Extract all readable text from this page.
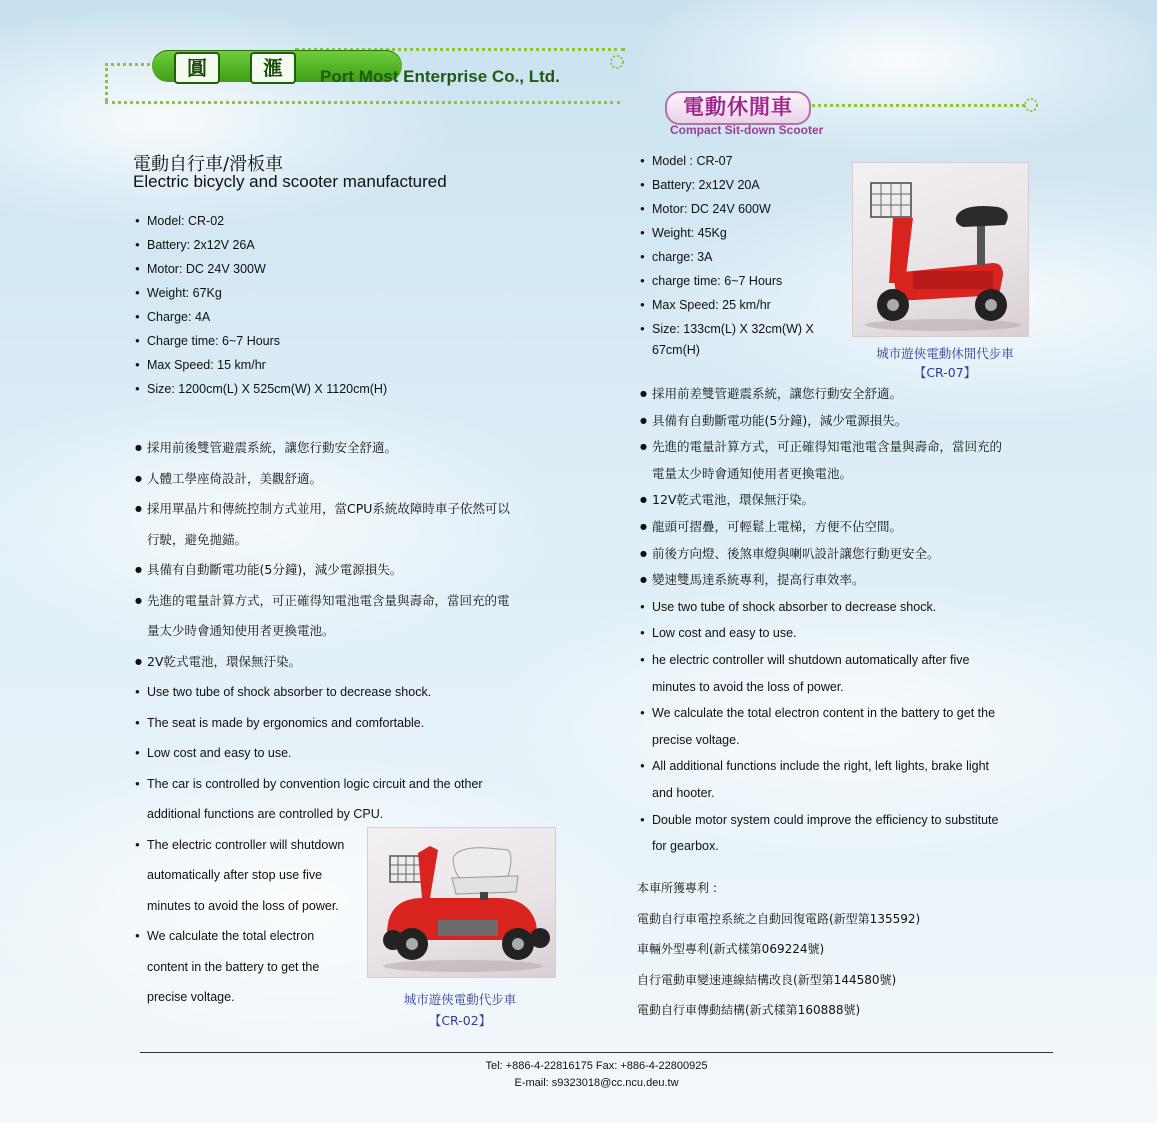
圓	滙	Port Most Enterprise Co., Ltd.
電動休閒車
Compact Sit-down Scooter
電動自行車/滑板車
Electric bicycly and scooter manufactured
● Model: CR-02
● Battery: 2x12V 26A
● Motor: DC 24V 300W
● Weight: 67Kg
● Charge: 4A
● Charge time: 6~7 Hours
● Max Speed: 15 km/hr
● Size: 1200cm(L) X 525cm(W) X 1120cm(H)
● 採用前後雙管避震系統，讓您行動安全舒適。
● 人體工學座倚設計，美觀舒適。
● 採用單晶片和傳統控制方式並用，當CPU系統故障時車子依然可以
行駛，避免拋錨。
● 具備有自動斷電功能(5分鐘)，減少電源損失。
● 先進的電量計算方式，可正確得知電池電含量與壽命，當回充的電
量太少時會通知使用者更換電池。
● 2V乾式電池，環保無汙染。
● Use two tube of shock absorber to decrease shock.
● The seat is made by ergonomics and comfortable.
● Low cost and easy to use.
● The car is controlled by convention logic circuit and the other
additional functions are controlled by CPU.
● The electric controller will shutdown
automatically after stop use five
minutes to avoid the loss of power.
● We calculate the total electron
content in the battery to get the
precise voltage.	城市遊俠電動代步車
【CR-02】
● Model : CR-07
● Battery: 2x12V 20A
● Motor: DC 24V 600W
● Weight: 45Kg
● charge: 3A
● charge time: 6~7 Hours
● Max Speed: 25 km/hr
● Size: 133cm(L) X 32cm(W) X
67cm(H)	城市遊俠電動休閒代步車
【CR-07】
● 採用前差雙管避震系統，讓您行動安全舒適。
● 具備有自動斷電功能(5分鐘)，減少電源損失。
● 先進的電量計算方式，可正確得知電池電含量與壽命，當回充的
電量太少時會通知使用者更換電池。
● 12V乾式電池，環保無汙染。
● 龍頭可摺疊，可輕鬆上電梯，方便不佔空間。
● 前後方向燈、後煞車燈與喇叭設計讓您行動更安全。
● 變速雙馬達系統專利，提高行車效率。
● Use two tube of shock absorber to decrease shock.
● Low cost and easy to use.
● he electric controller will shutdown automatically after five
minutes to avoid the loss of power.
● We calculate the total electron content in the battery to get the
precise voltage.
● All additional functions include the right, left lights, brake light
and hooter.
● Double motor system could improve the efficiency to substitute
for gearbox.
本車所獲專利 :
電動自行車電控系統之自動回復電路(新型第135592)
車輛外型專利(新式樣第069224號)
自行電動車變速連線結構改良(新型第144580號)
電動自行車傳動結構(新式樣第160888號)
Tel: +886-4-22816175 Fax: +886-4-22800925
E-mail: s9323018@cc.ncu.deu.tw
